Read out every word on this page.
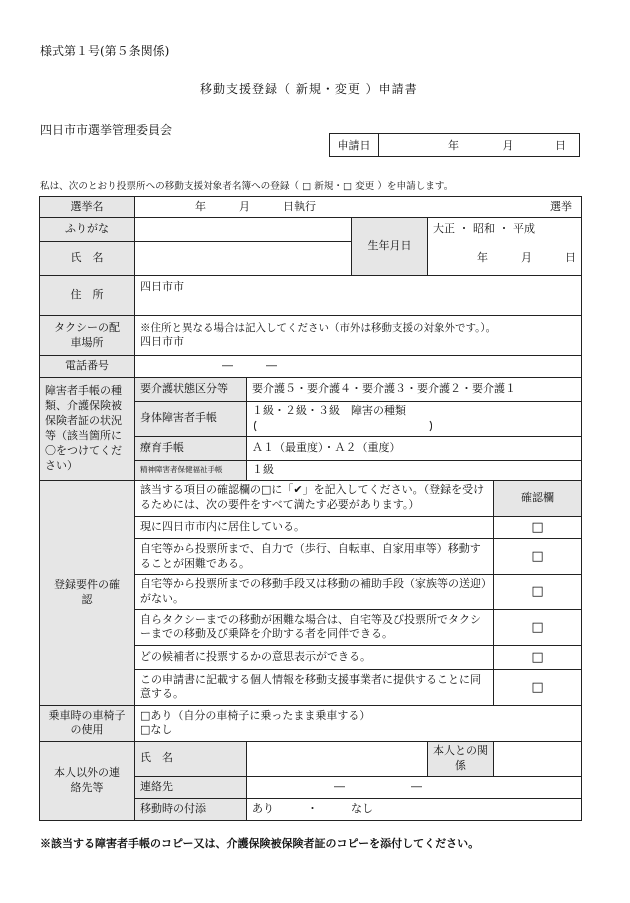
様式第１号(第５条関係)
移動支援登録（ 新規・変更 ）申請書
四日市市選挙管理委員会
申請日	年	月	日
私は、次のとおり投票所への移動支援対象者名簿への登録（ □ 新規・□ 変更 ）を申請します。
選挙名	年　　　月　　　日執行 選挙				

ふりがな			生年月日	大正 ・ 昭和 ・ 平成
年　　　月　　　日	

氏　名					
住　所	四日市市				
タクシーの配車場所	※住所と異なる場合は記入してください（市外は移動支援の対象外です。）。
四日市市				

電話番号	―　　　―				
障害者手帳の種類、介護保険被保険者証の状況等（該当箇所に〇をつけてください）	要介護状態区分等	要介護５・要介護４・要介護３・要介護２・要介護１			
	身体障害者手帳	１級・２級・３級　障害の種類			
	療育手帳	Ａ１（最重度）・Ａ２（重度）			
	精神障害者保健福祉手帳	１級			
登録要件の確認	該当する項目の確認欄の□に「✔」を記入してください。（登録を受けるためには、次の要件をすべて満たす必要があります。）				確認欄
	現に四日市市内に居住している。				□
	自宅等から投票所まで、自力で（歩行、自転車、自家用車等）移動することが困難である。				□
	自宅等から投票所までの移動手段又は移動の補助手段（家族等の送迎）がない。				□
	自らタクシーまでの移動が困難な場合は、自宅等及び投票所でタクシーまでの移動及び乗降を介助する者を同伴できる。				□
	どの候補者に投票するかの意思表示ができる。				□
	この申請書に記載する個人情報を移動支援事業者に提供することに同意する。				□
乗車時の車椅子の使用	□あり（自分の車椅子に乗ったまま乗車する）
□なし				

本人以外の連絡先等	氏　名			本人との関係	
	連絡先	―　　　　　　―			
	移動時の付添	あり　　　・　　　なし			
※該当する障害者手帳のコピー又は、介護保険被保険者証のコピーを添付してください。
